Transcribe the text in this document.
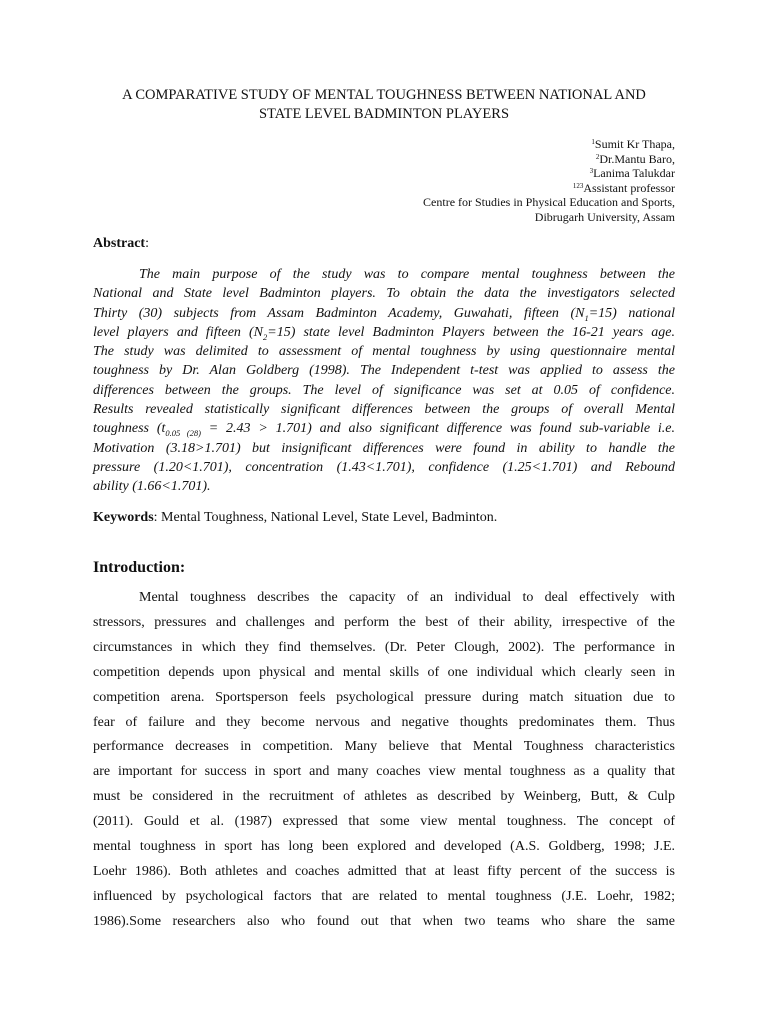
A COMPARATIVE STUDY OF MENTAL TOUGHNESS BETWEEN NATIONAL AND
STATE LEVEL BADMINTON PLAYERS
$^1$Sumit Kr Thapa,
$^2$Dr.Mantu Baro,
$^3$Lanima Talukdar
$^{123}$Assistant professor
Centre for Studies in Physical Education and Sports,
Dibrugarh University, Assam
Abstract:

The main purpose of the study was to compare mental toughness between the
National and State level Badminton players. To obtain the data the investigators selected
Thirty (30) subjects from Assam Badminton Academy, Guwahati, fifteen $(N_1=15)$ national
level players and fifteen $(N_2=15)$ state level Badminton Players between the 16-21 years age.
The study was delimited to assessment of mental toughness by using questionnaire mental
toughness by Dr. Alan Goldberg (1998). The Independent t-test was applied to assess the
differences between the groups. The level of significance was set at 0.05 of confidence.
Results revealed statistically significant differences between the groups of overall Mental
toughness $(t_{0.05 (28)} = 2.43 > 1.701)$ and also significant difference was found sub-variable i.e.
Motivation (3.18>1.701) but insignificant differences were found in ability to handle the
pressure (1.20<1.701), concentration (1.43<1.701), confidence (1.25<1.701) and Rebound
ability (1.66<1.701).

Keywords: Mental Toughness, National Level, State Level, Badminton.
Introduction:

Mental toughness describes the capacity of an individual to deal effectively with
stressors, pressures and challenges and perform the best of their ability, irrespective of the
circumstances in which they find themselves. (Dr. Peter Clough, 2002). The performance in
competition depends upon physical and mental skills of one individual which clearly seen in
competition arena. Sportsperson feels psychological pressure during match situation due to
fear of failure and they become nervous and negative thoughts predominates them. Thus
performance decreases in competition. Many believe that Mental Toughness characteristics
are important for success in sport and many coaches view mental toughness as a quality that
must be considered in the recruitment of athletes as described by Weinberg, Butt, & Culp
(2011). Gould et al. (1987) expressed that some view mental toughness. The concept of
mental toughness in sport has long been explored and developed (A.S. Goldberg, 1998; J.E.
Loehr 1986). Both athletes and coaches admitted that at least fifty percent of the success is
influenced by psychological factors that are related to mental toughness (J.E. Loehr, 1982;
1986).Some researchers also who found out that when two teams who share the same
